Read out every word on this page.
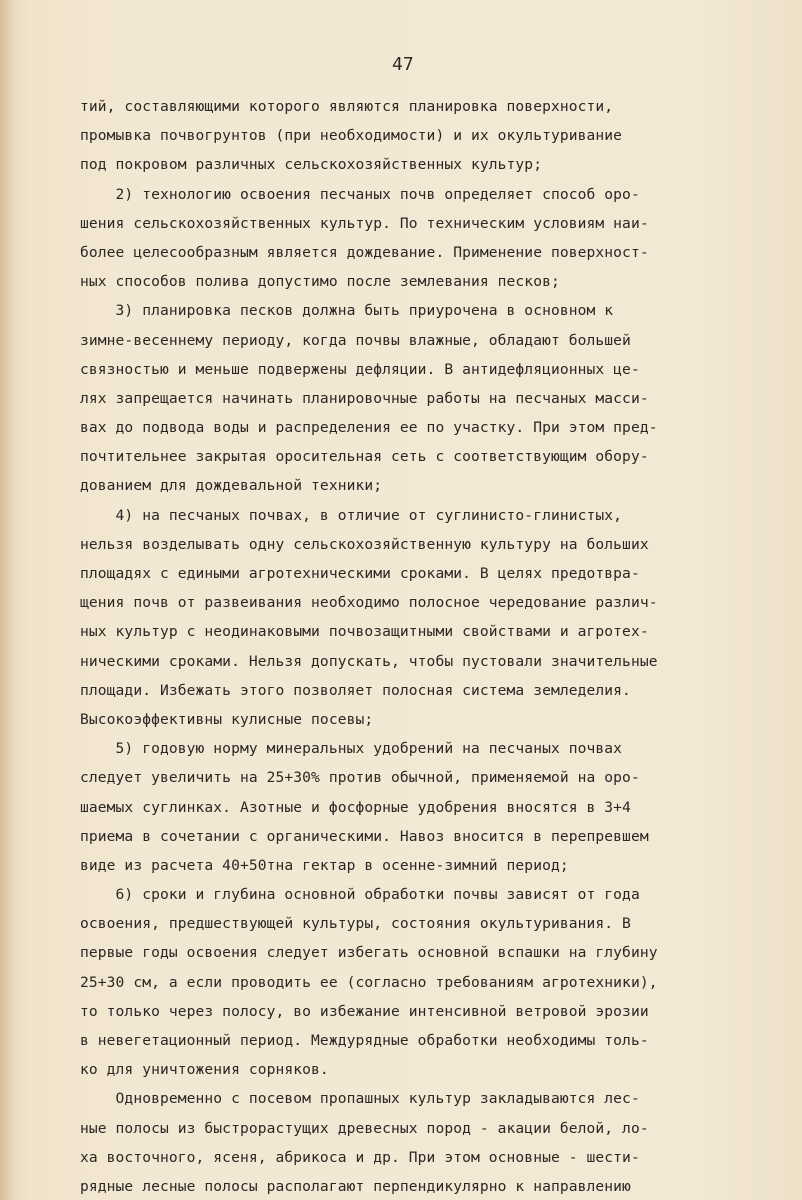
47
тий, составляющими которого являются планировка поверхности,
промывка почвогрунтов (при необходимости) и их окультуривание
под покровом различных сельскохозяйственных культур;
2) технологию освоения песчаных почв определяет способ оро-
шения сельскохозяйственных культур. По техническим условиям наи-
более целесообразным является дождевание. Применение поверхност-
ных способов полива допустимо после землевания песков;
3) планировка песков должна быть приурочена в основном к
зимне-весеннему периоду, когда почвы влажные, обладают большей
связностью и меньше подвержены дефляции. В антидефляционных це-
лях запрещается начинать планировочные работы на песчаных масси-
вах до подвода воды и распределения ее по участку. При этом пред-
почтительнее закрытая оросительная сеть с соответствующим обору-
дованием для дождевальной техники;
4) на песчаных почвах, в отличие от суглинисто-глинистых,
нельзя возделывать одну сельскохозяйственную культуру на больших
площадях с едиными агротехническими сроками. В целях предотвра-
щения почв от развеивания необходимо полосное чередование различ-
ных культур с неодинаковыми почвозащитными свойствами и агротех-
ническими сроками. Нельзя допускать, чтобы пустовали значительные
площади. Избежать этого позволяет полосная система земледелия.
Высокоэффективны кулисные посевы;
5) годовую норму минеральных удобрений на песчаных почвах
следует увеличить на 25+30% против обычной, применяемой на оро-
шаемых суглинках. Азотные и фосфорные удобрения вносятся в 3+4
приема в сочетании с органическими. Навоз вносится в перепревшем
виде из расчета 40+50тна гектар в осенне-зимний период;
6) сроки и глубина основной обработки почвы зависят от года
освоения, предшествующей культуры, состояния окультуривания. В
первые годы освоения следует избегать основной вспашки на глубину
25+30 см, а если проводить ее (согласно требованиям агротехники),
то только через полосу, во избежание интенсивной ветровой эрозии
в невегетационный период. Междурядные обработки необходимы толь-
ко для уничтожения сорняков.
Одновременно с посевом пропашных культур закладываются лес-
ные полосы из быстрорастущих древесных пород - акации белой, ло-
ха восточного, ясеня, абрикоса и др. При этом основные - шести-
рядные лесные полосы располагают перпендикулярно к направлению
